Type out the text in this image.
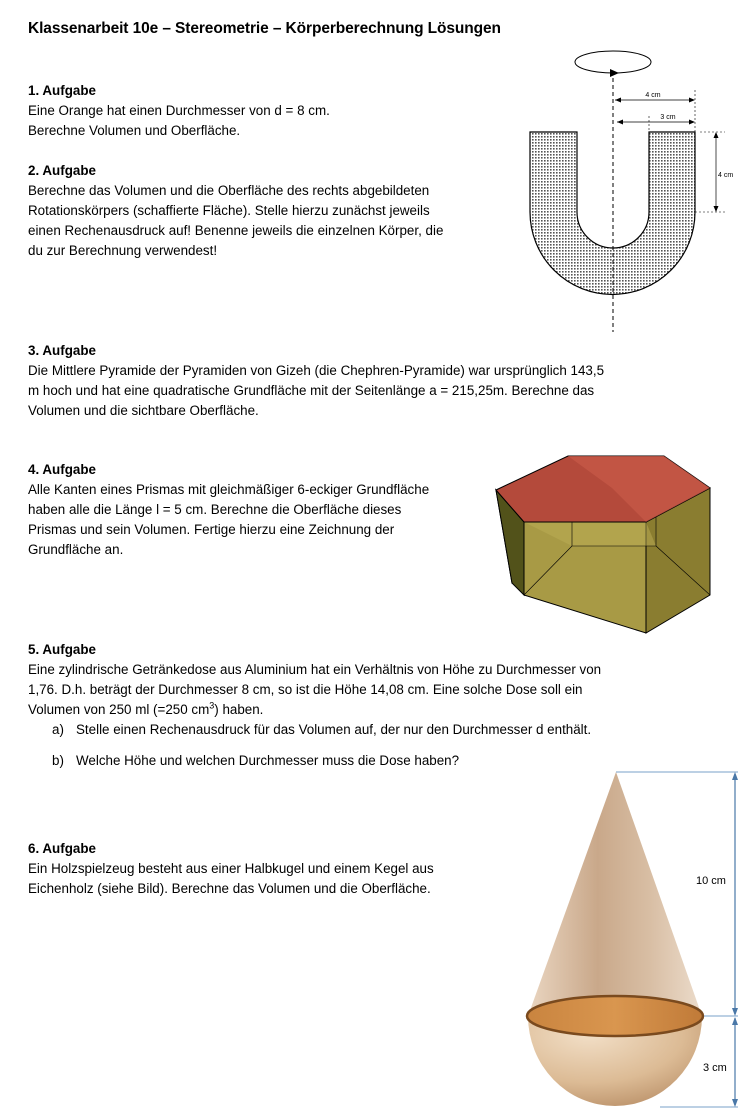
Klassenarbeit 10e – Stereometrie – Körperberechnung Lösungen
1. Aufgabe

Eine Orange hat einen Durchmesser von d = 8 cm.

Berechne Volumen und Oberfläche.

2. Aufgabe

Berechne das Volumen und die Oberfläche des rechts abgebildeten

Rotationskörpers (schaffierte Fläche). Stelle hierzu zunächst jeweils

einen Rechenausdruck auf! Benenne jeweils die einzelnen Körper, die

du zur Berechnung verwendest!

3. Aufgabe

Die Mittlere Pyramide der Pyramiden von Gizeh (die Chephren-Pyramide) war ursprünglich 143,5

m hoch und hat eine quadratische Grundfläche mit der Seitenlänge a = 215,25m. Berechne das

Volumen und die sichtbare Oberfläche.

4. Aufgabe

Alle Kanten eines Prismas mit gleichmäßiger 6-eckiger Grundfläche

haben alle die Länge l = 5 cm. Berechne die Oberfläche dieses

Prismas und sein Volumen. Fertige hierzu eine Zeichnung der

Grundfläche an.

5. Aufgabe

Eine zylindrische Getränkedose aus Aluminium hat ein Verhältnis von Höhe zu Durchmesser von

1,76. D.h. beträgt der Durchmesser 8 cm, so ist die Höhe 14,08 cm. Eine solche Dose soll ein

Volumen von 250 ml (=250 $cm^3$) haben.

a) Stelle einen Rechenausdruck für das Volumen auf, der nur den Durchmesser d enthält.
b) Welche Höhe und welchen Durchmesser muss die Dose haben?
6. Aufgabe

Ein Holzspielzeug besteht aus einer Halbkugel und einem Kegel aus

Eichenholz (siehe Bild). Berechne das Volumen und die Oberfläche.

4 cm
3 cm
4 cm
10 cm
3 cm
